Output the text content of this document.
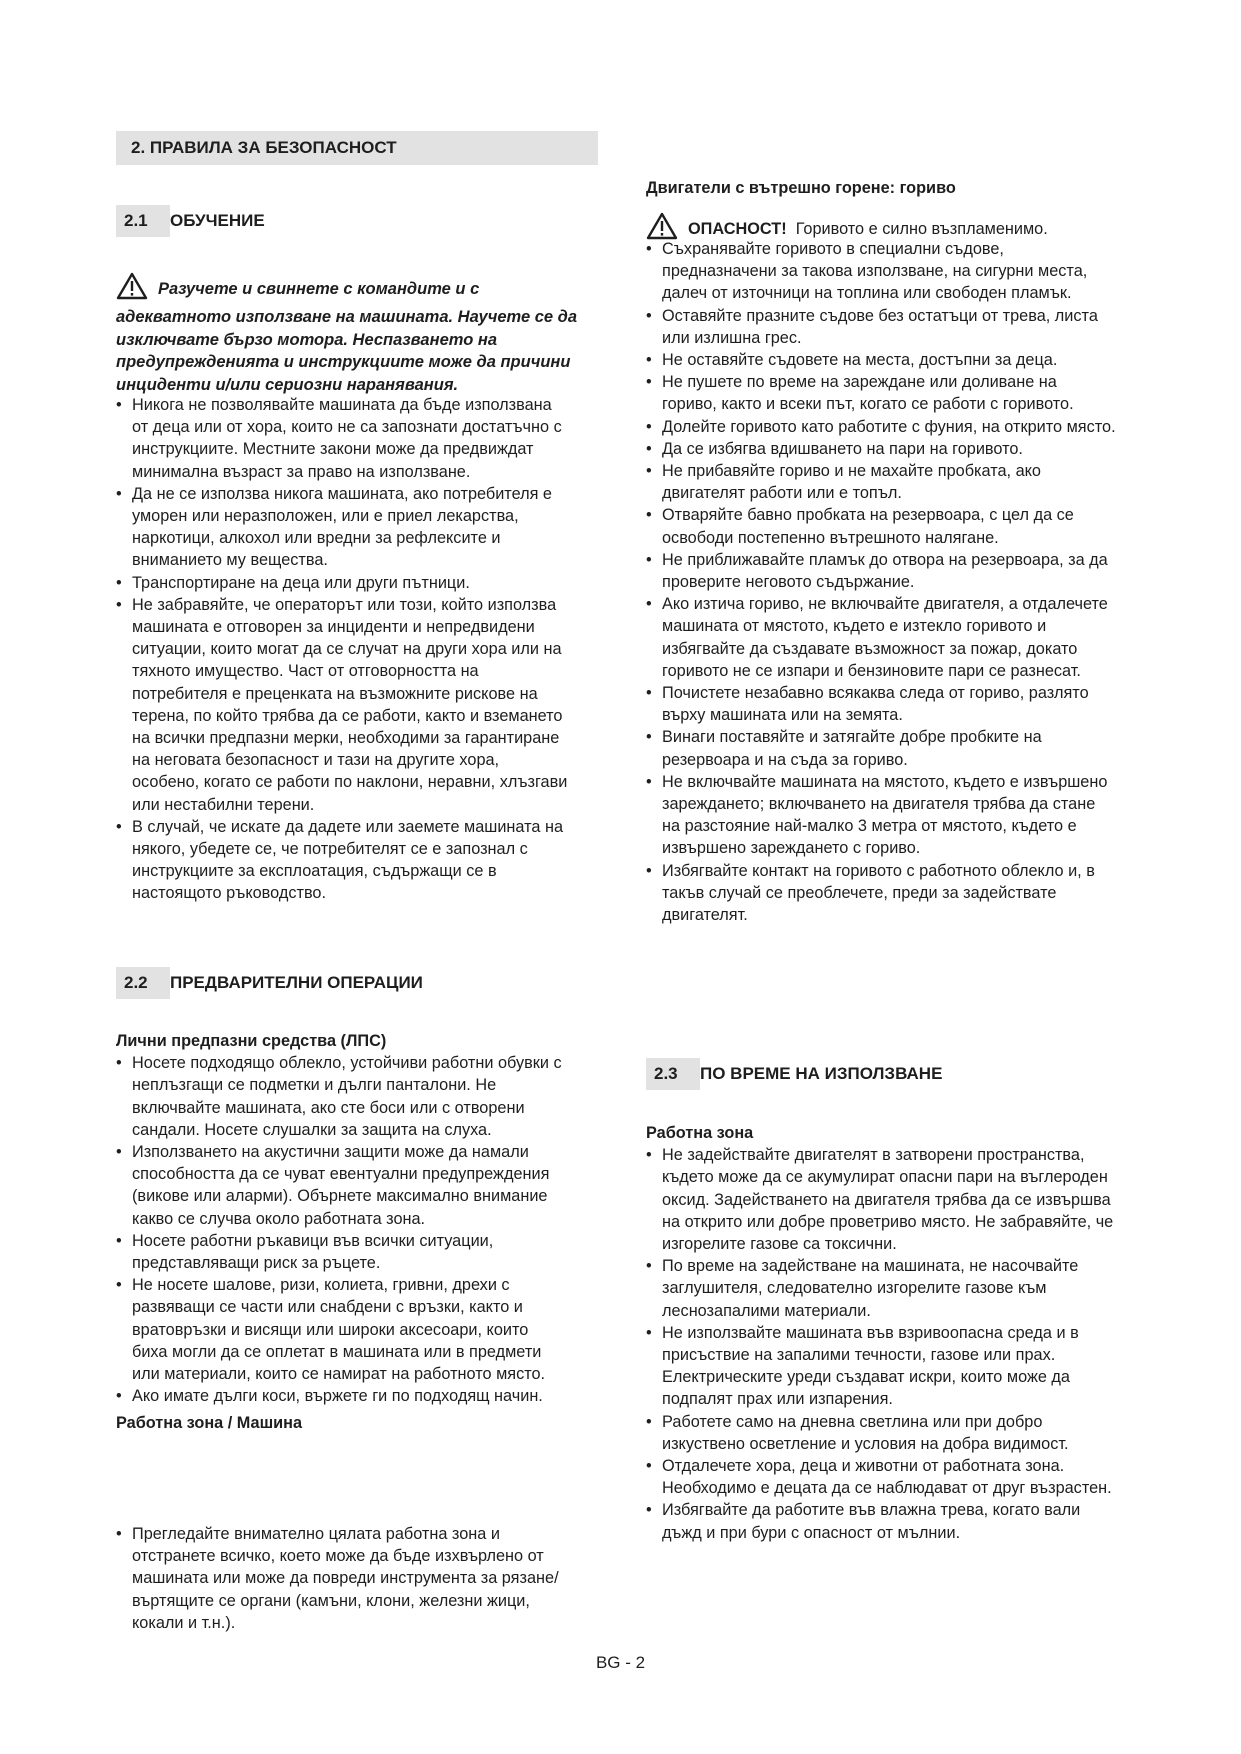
2. ПРАВИЛА ЗА БЕЗОПАСНОСТ
2.1 ОБУЧЕНИЕ
Разучете и свиннете с командите и с адекватното използване на машината. Научете се да изключвате бързо мотора. Неспазването на предупрежденията и инструкциите може да причини инциденти и/или сериозни наранявания.
• Никога не позволявайте машината да бъде използвана от деца или от хора, които не са запознати достатъчно с инструкциите. Местните закони може да предвиждат минимална възраст за право на използване.
• Да не се използва никога машината, ако потребителя е уморен или неразположен, или е приел лекарства, наркотици, алкохол или вредни за рефлексите и вниманието му вещества.
• Транспортиране на деца или други пътници.
• Не забравяйте, че операторът или този, който използва машината е отговорен за инциденти и непредвидени ситуации, които могат да се случат на други хора или на тяхното имущество. Част от отговорността на потребителя е преценката на възможните рискове на терена, по който трябва да се работи, както и вземането на всички предпазни мерки, необходими за гарантиране на неговата безопасност и тази на другите хора, особено, когато се работи по наклони, неравни, хлъзгави или нестабилни терени.
• В случай, че искате да дадете или заемете машината на някого, убедете се, че потребителят се е запознал с инструкциите за експлоатация, съдържащи се в настоящото ръководство.
2.2 ПРЕДВАРИТЕЛНИ ОПЕРАЦИИ
Лични предпазни средства (ЛПС)
• Носете подходящо облекло, устойчиви работни обувки с неплъзгащи се подметки и дълги панталони. Не включвайте машината, ако сте боси или с отворени сандали. Носете слушалки за защита на слуха.
• Използването на акустични защити може да намали способността да се чуват евентуални предупреждения (викове или аларми). Обърнете максимално внимание какво се случва около работната зона.
• Носете работни ръкавици във всички ситуации, представляващи риск за ръцете.
• Не носете шалове, ризи, колиета, гривни, дрехи с развяващи се части или снабдени с връзки, както и вратовръзки и висящи или широки аксесоари, които биха могли да се оплетат в машината или в предмети или материали, които се намират на работното място.
• Ако имате дълги коси, вържете ги по подходящ начин.
Работна зона / Машина
• Прегледайте внимателно цялата работна зона и отстранете всичко, което може да бъде изхвърлено от машината или може да повреди инструмента за рязане/въртящите се органи (камъни, клони, железни жици, кокали и т.н.).
Двигатели с вътрешно горене: гориво
ОПАСНОСТ! Горивото е силно възпламенимо.
• Съхранявайте горивото в специални съдове, предназначени за такова използване, на сигурни места, далеч от източници на топлина или свободен пламък.
• Оставяйте празните съдове без остатъци от трева, листа или излишна грес.
• Не оставяйте съдовете на места, достъпни за деца.
• Не пушете по време на зареждане или доливане на гориво, както и всеки път, когато се работи с горивото.
• Долейте горивото като работите с фуния, на открито място.
• Да се избягва вдишването на пари на горивото.
• Не прибавяйте гориво и не махайте пробката, ако двигателят работи или е топъл.
• Отваряйте бавно пробката на резервоара, с цел да се освободи постепенно вътрешното налягане.
• Не приближавайте пламък до отвора на резервоара, за да проверите неговото съдържание.
• Ако изтича гориво, не включвайте двигателя, а отдалечете машината от мястото, където е изтекло горивото и избягвайте да създавате възможност за пожар, докато горивото не се изпари и бензиновите пари се разнесат.
• Почистете незабавно всякаква следа от гориво, разлято върху машината или на земята.
• Винаги поставяйте и затягайте добре пробките на резервоара и на съда за гориво.
• Не включвайте машината на мястото, където е извършено зареждането; включването на двигателя трябва да стане на разстояние най-малко 3 метра от мястото, където е извършено зареждането с гориво.
• Избягвайте контакт на горивото с работното облекло и, в такъв случай се преоблечете, преди за задействате двигателят.
2.3 ПО ВРЕМЕ НА ИЗПОЛЗВАНЕ
Работна зона
• Не задействайте двигателят в затворени пространства, където може да се акумулират опасни пари на въглероден оксид. Задействането на двигателя трябва да се извършва на открито или добре проветриво място. Не забравяйте, че изгорелите газове са токсични.
• По време на задействане на машината, не насочвайте заглушителя, следователно изгорелите газове към леснозапалими материали.
• Не използвайте машината във взривоопасна среда и в присъствие на запалими течности, газове или прах. Електрическите уреди създават искри, които може да подпалят прах или изпарения.
• Работете само на дневна светлина или при добро изкуствено осветление и условия на добра видимост.
• Отдалечете хора, деца и животни от работната зона. Необходимо е децата да се наблюдават от друг възрастен.
• Избягвайте да работите във влажна трева, когато вали дъжд и при бури с опасност от мълнии.
BG - 2
